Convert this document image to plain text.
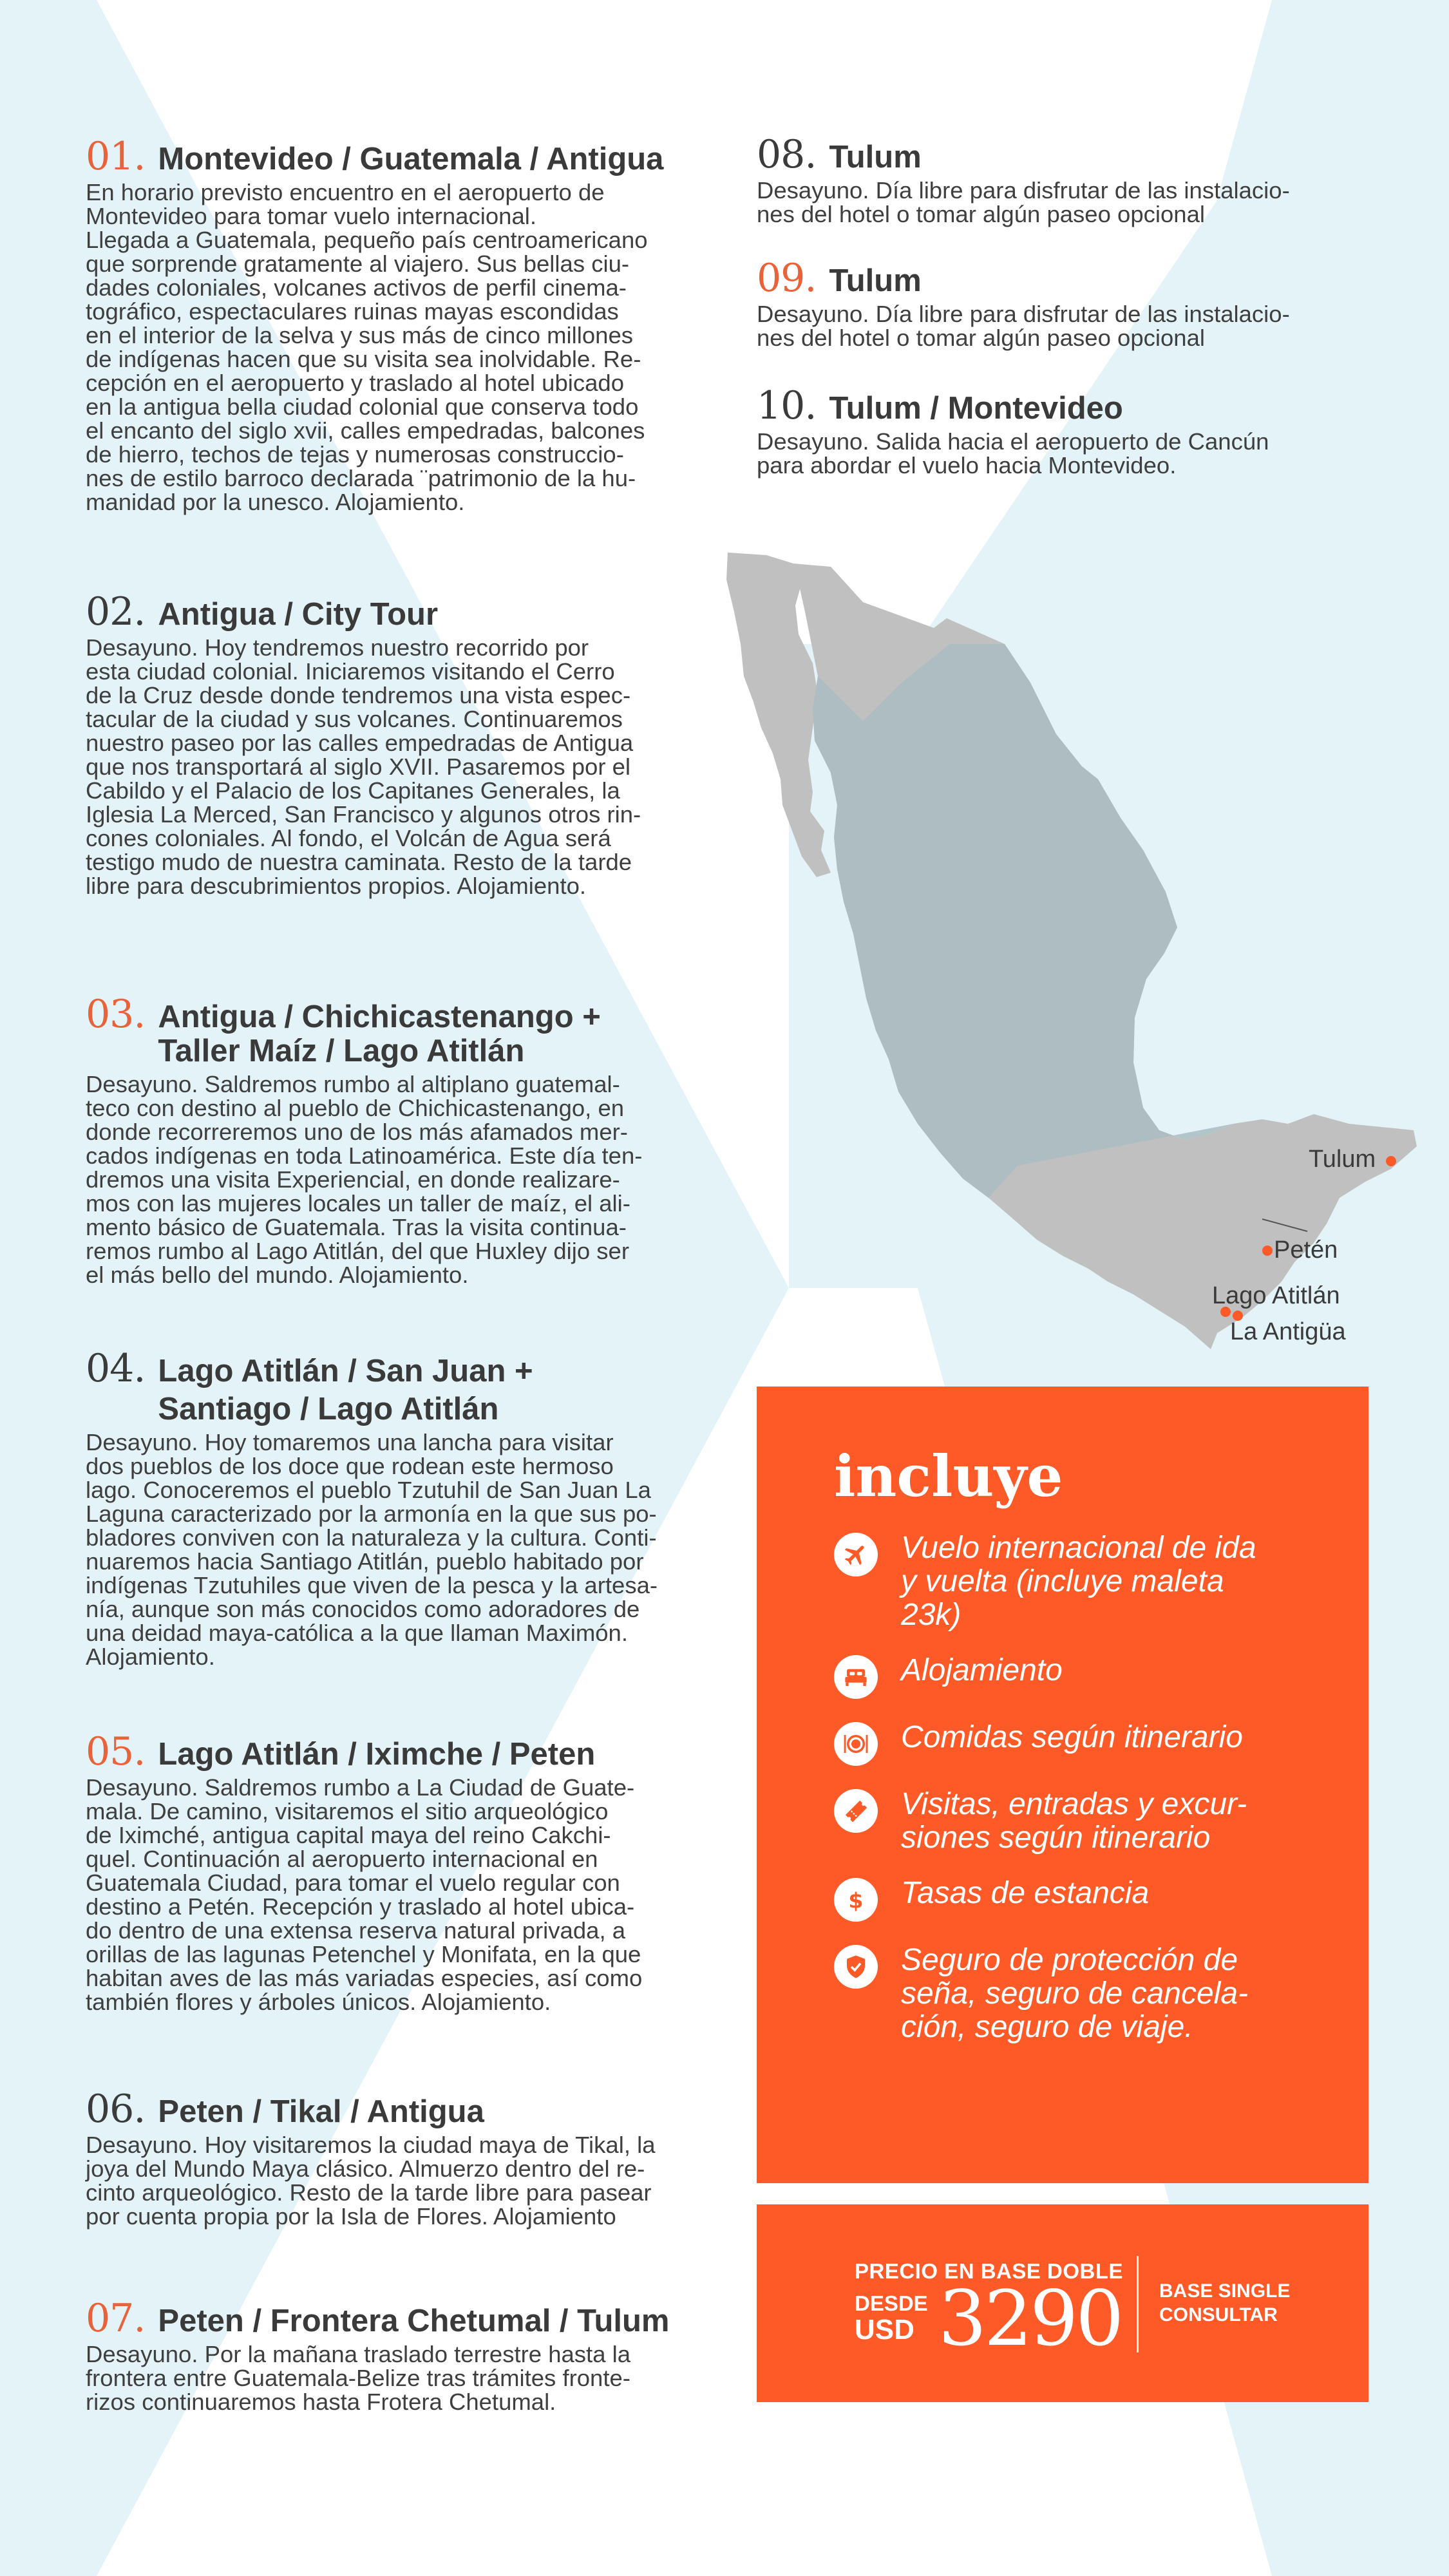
01. Montevideo / Guatemala / Antigua
En horario previsto encuentro en el aeropuerto de
Montevideo para tomar vuelo internacional.
Llegada a Guatemala, pequeño país centroamericano
que sorprende gratamente al viajero. Sus bellas ciu-
dades coloniales, volcanes activos de perfil cinema-
tográfico, espectaculares ruinas mayas escondidas
en el interior de la selva y sus más de cinco millones
de indígenas hacen que su visita sea inolvidable. Re-
cepción en el aeropuerto y traslado al hotel ubicado
en la antigua bella ciudad colonial que conserva todo
el encanto del siglo xvii, calles empedradas, balcones
de hierro, techos de tejas y numerosas construccio-
nes de estilo barroco declarada ¨patrimonio de la hu-
manidad por la unesco. Alojamiento.
02. Antigua / City Tour
Desayuno. Hoy tendremos nuestro recorrido por
esta ciudad colonial. Iniciaremos visitando el Cerro
de la Cruz desde donde tendremos una vista espec-
tacular de la ciudad y sus volcanes. Continuaremos
nuestro paseo por las calles empedradas de Antigua
que nos transportará al siglo XVII. Pasaremos por el
Cabildo y el Palacio de los Capitanes Generales, la
Iglesia La Merced, San Francisco y algunos otros rin-
cones coloniales. Al fondo, el Volcán de Agua será
testigo mudo de nuestra caminata. Resto de la tarde
libre para descubrimientos propios. Alojamiento.
03. Antigua / Chichicastenango +
Taller Maíz / Lago Atitlán
Desayuno. Saldremos rumbo al altiplano guatemal-
teco con destino al pueblo de Chichicastenango, en
donde recorreremos uno de los más afamados mer-
cados indígenas en toda Latinoamérica. Este día ten-
dremos una visita Experiencial, en donde realizare-
mos con las mujeres locales un taller de maíz, el ali-
mento básico de Guatemala. Tras la visita continua-
remos rumbo al Lago Atitlán, del que Huxley dijo ser
el más bello del mundo. Alojamiento.
04. Lago Atitlán / San Juan +
Santiago / Lago Atitlán
Desayuno. Hoy tomaremos una lancha para visitar
dos pueblos de los doce que rodean este hermoso
lago. Conoceremos el pueblo Tzutuhil de San Juan La
Laguna caracterizado por la armonía en la que sus po-
bladores conviven con la naturaleza y la cultura. Conti-
nuaremos hacia Santiago Atitlán, pueblo habitado por
indígenas Tzutuhiles que viven de la pesca y la artesa-
nía, aunque son más conocidos como adoradores de
una deidad maya-católica a la que llaman Maximón.
Alojamiento.
05. Lago Atitlán / Iximche / Peten
Desayuno. Saldremos rumbo a La Ciudad de Guate-
mala. De camino, visitaremos el sitio arqueológico
de Iximché, antigua capital maya del reino Cakchi-
quel. Continuación al aeropuerto internacional en
Guatemala Ciudad, para tomar el vuelo regular con
destino a Petén. Recepción y traslado al hotel ubica-
do dentro de una extensa reserva natural privada, a
orillas de las lagunas Petenchel y Monifata, en la que
habitan aves de las más variadas especies, así como
también flores y árboles únicos. Alojamiento.
06. Peten / Tikal / Antigua
Desayuno. Hoy visitaremos la ciudad maya de Tikal, la
joya del Mundo Maya clásico. Almuerzo dentro del re-
cinto arqueológico. Resto de la tarde libre para pasear
por cuenta propia por la Isla de Flores. Alojamiento
07. Peten / Frontera Chetumal / Tulum
Desayuno. Por la mañana traslado terrestre hasta la
frontera entre Guatemala-Belize tras trámites fronte-
rizos continuaremos hasta Frotera Chetumal.
08. Tulum
Desayuno. Día libre para disfrutar de las instalacio-
nes del hotel o tomar algún paseo opcional
09. Tulum
Desayuno. Día libre para disfrutar de las instalacio-
nes del hotel o tomar algún paseo opcional
10. Tulum / Montevideo
Desayuno. Salida hacia el aeropuerto de Cancún
para abordar el vuelo hacia Montevideo.
Tulum
Petén
Lago Atitlán
La Antigüa
incluye
Vuelo internacional de ida
y vuelta (incluye maleta
23k)
Alojamiento
Comidas según itinerario
Visitas, entradas y excur-
siones según itinerario
$ Tasas de estancia
Seguro de protección de
seña, seguro de cancela-
ción, seguro de viaje.
PRECIO EN BASE DOBLE
DESDE
USD 3290 BASE SINGLE
CONSULTAR
